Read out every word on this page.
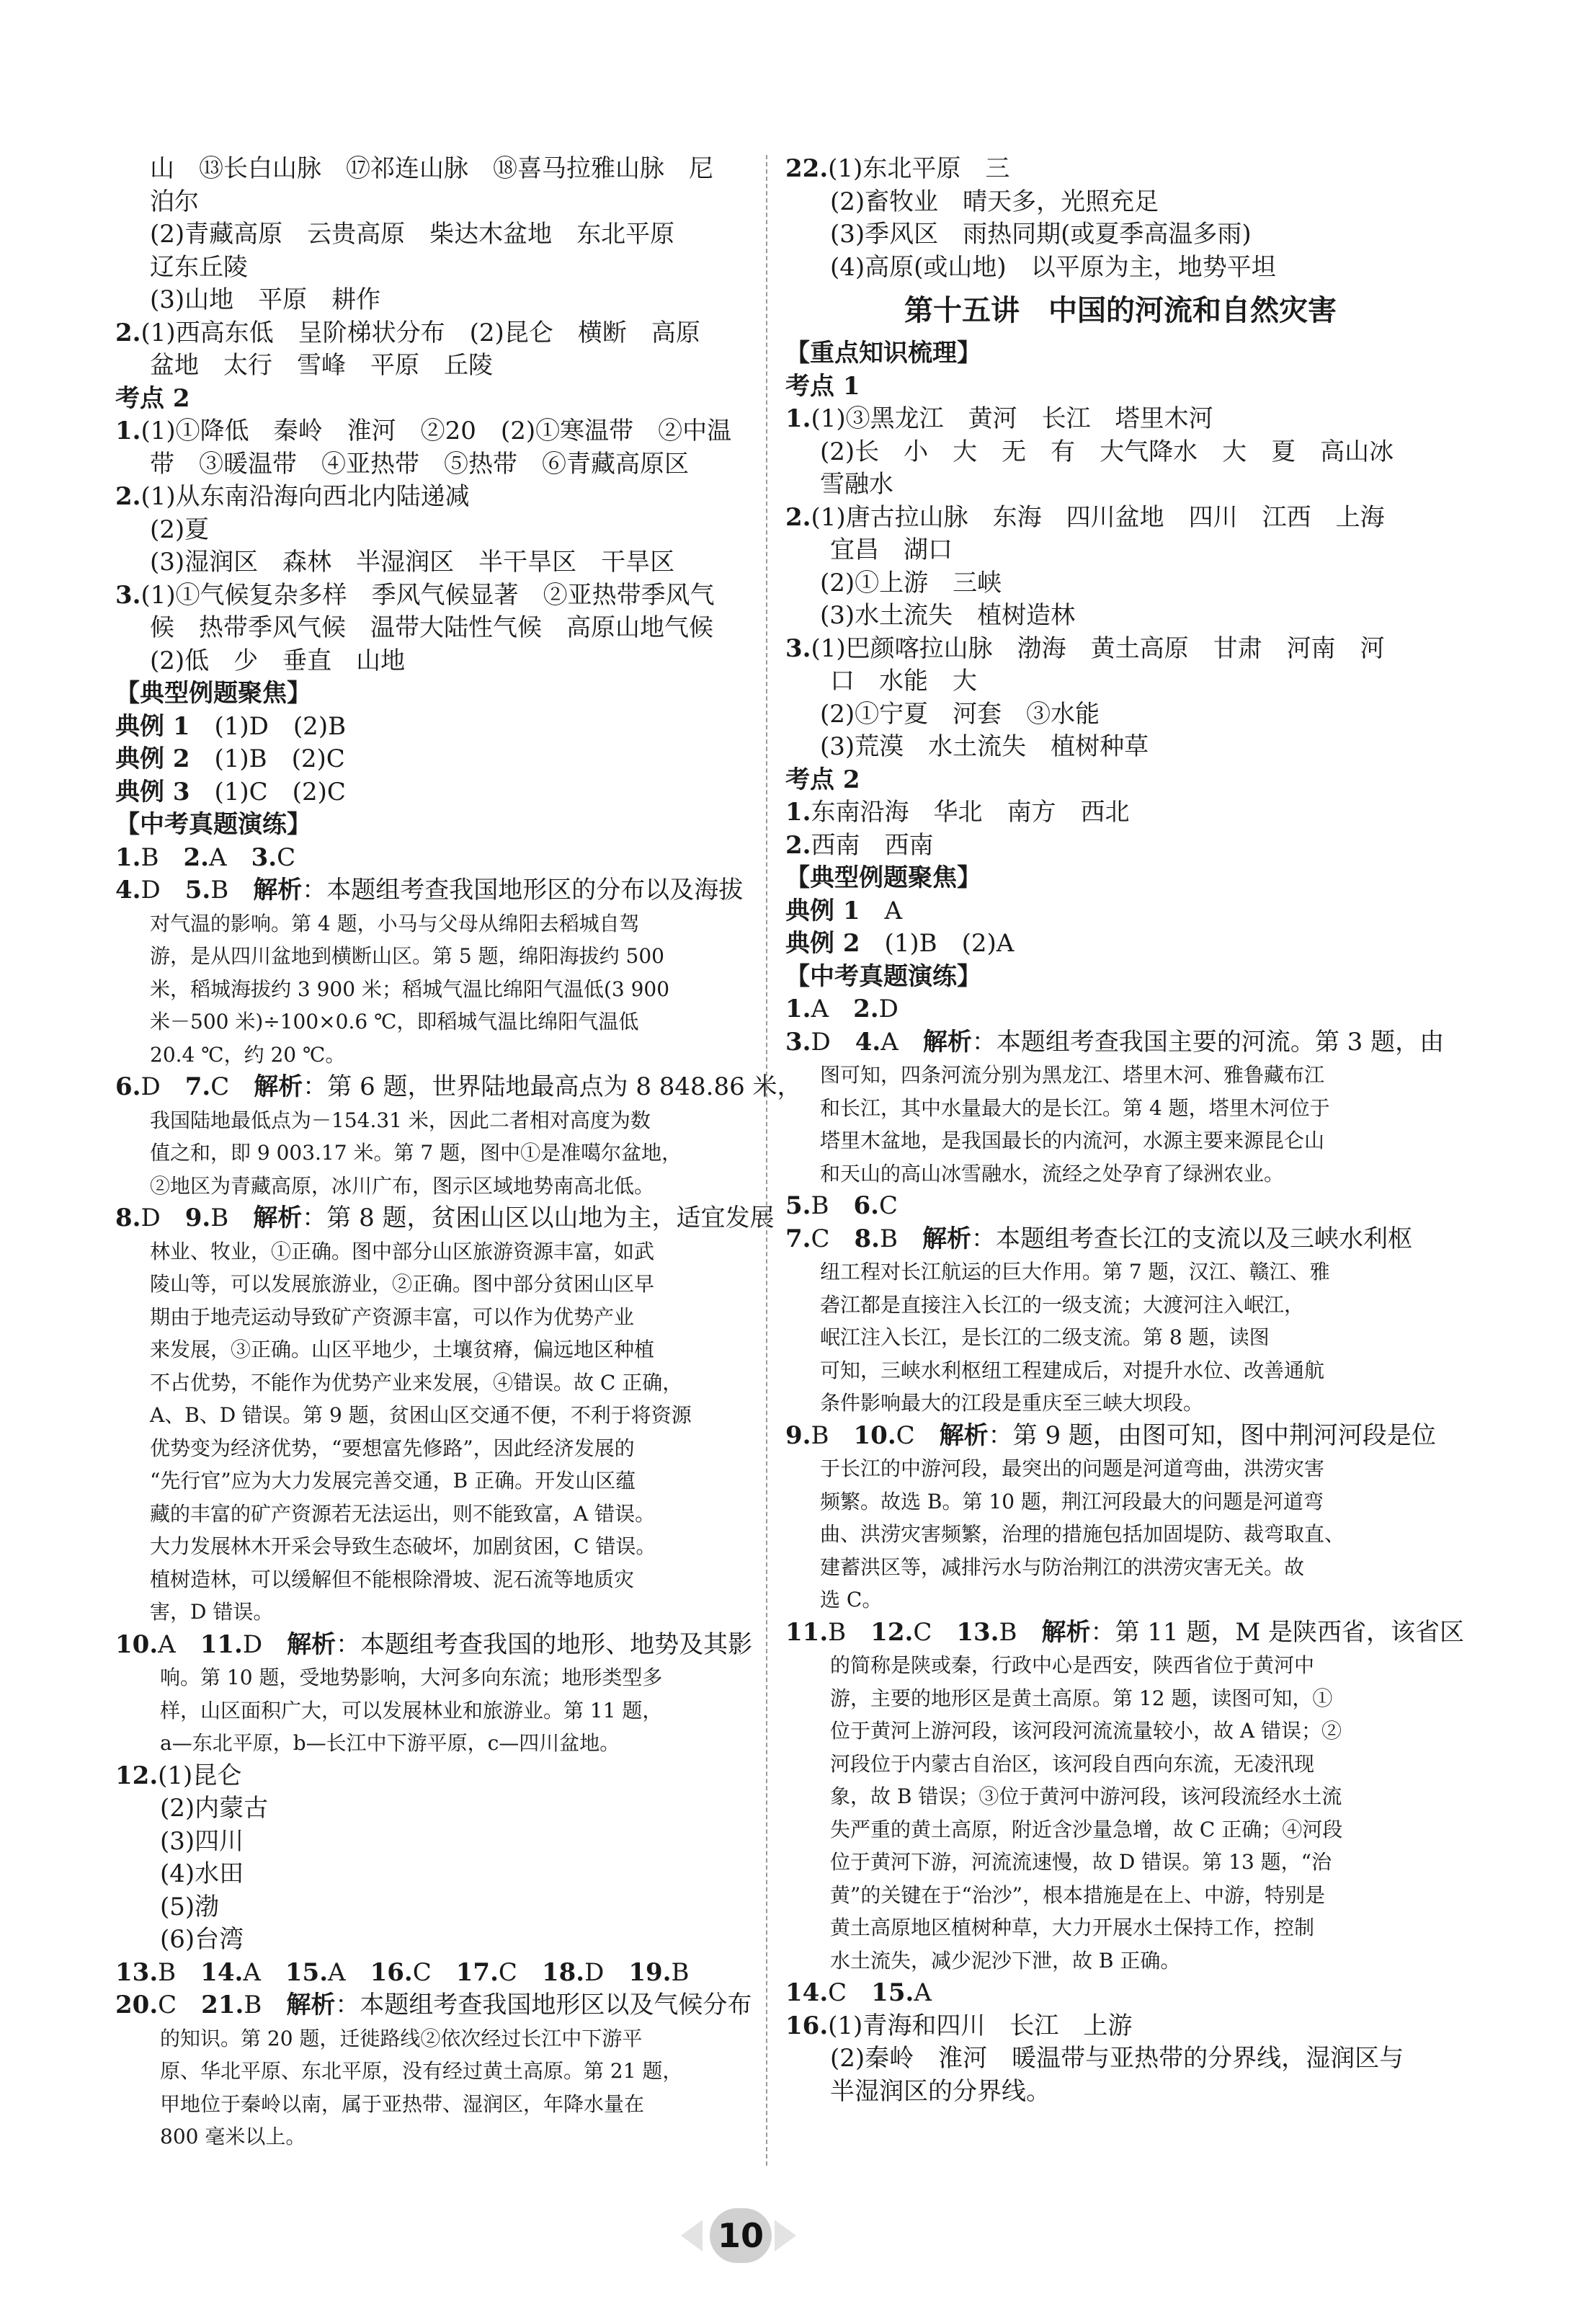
山　⑬长白山脉　⑰祁连山脉　⑱喜马拉雅山脉　尼
泊尔
(2)青藏高原　云贵高原　柴达木盆地　东北平原
辽东丘陵
(3)山地　平原　耕作
2.(1)西高东低　呈阶梯状分布　(2)昆仑　横断　高原
盆地　太行　雪峰　平原　丘陵
考点 2
1.(1)①降低　秦岭　淮河　②20　(2)①寒温带　②中温
带　③暖温带　④亚热带　⑤热带　⑥青藏高原区
2.(1)从东南沿海向西北内陆递减
(2)夏
(3)湿润区　森林　半湿润区　半干旱区　干旱区
3.(1)①气候复杂多样　季风气候显著　②亚热带季风气
候　热带季风气候　温带大陆性气候　高原山地气候
(2)低　少　垂直　山地
【典型例题聚焦】
典例 1　(1)D　(2)B
典例 2　(1)B　(2)C
典例 3　(1)C　(2)C
【中考真题演练】
1.B　2.A　3.C
4.D　5.B　解析：本题组考查我国地形区的分布以及海拔
对气温的影响。第 4 题，小马与父母从绵阳去稻城自驾
游，是从四川盆地到横断山区。第 5 题，绵阳海拔约 500
米，稻城海拔约 3 900 米；稻城气温比绵阳气温低(3 900
米－500 米)÷100×0.6 ℃，即稻城气温比绵阳气温低
20.4 ℃，约 20 ℃。
6.D　7.C　解析：第 6 题，世界陆地最高点为 8 848.86 米，
我国陆地最低点为－154.31 米，因此二者相对高度为数
值之和，即 9 003.17 米。第 7 题，图中①是准噶尔盆地，
②地区为青藏高原，冰川广布，图示区域地势南高北低。
8.D　9.B　解析：第 8 题，贫困山区以山地为主，适宜发展
林业、牧业，①正确。图中部分山区旅游资源丰富，如武
陵山等，可以发展旅游业，②正确。图中部分贫困山区早
期由于地壳运动导致矿产资源丰富，可以作为优势产业
来发展，③正确。山区平地少，土壤贫瘠，偏远地区种植
不占优势，不能作为优势产业来发展，④错误。故 C 正确，
A、B、D 错误。第 9 题，贫困山区交通不便，不利于将资源
优势变为经济优势，“要想富先修路”，因此经济发展的
“先行官”应为大力发展完善交通，B 正确。开发山区蕴
藏的丰富的矿产资源若无法运出，则不能致富，A 错误。
大力发展林木开采会导致生态破坏，加剧贫困，C 错误。
植树造林，可以缓解但不能根除滑坡、泥石流等地质灾
害，D 错误。
10.A　11.D　解析：本题组考查我国的地形、地势及其影
响。第 10 题，受地势影响，大河多向东流；地形类型多
样，山区面积广大，可以发展林业和旅游业。第 11 题，
a—东北平原，b—长江中下游平原，c—四川盆地。
12.(1)昆仑
(2)内蒙古
(3)四川
(4)水田
(5)渤
(6)台湾
13.B　14.A　15.A　16.C　17.C　18.D　19.B
20.C　21.B　解析：本题组考查我国地形区以及气候分布
的知识。第 20 题，迁徙路线②依次经过长江中下游平
原、华北平原、东北平原，没有经过黄土高原。第 21 题，
甲地位于秦岭以南，属于亚热带、湿润区，年降水量在
800 毫米以上。
22.(1)东北平原　三
(2)畜牧业　晴天多，光照充足
(3)季风区　雨热同期(或夏季高温多雨)
(4)高原(或山地)　以平原为主，地势平坦
第十五讲　中国的河流和自然灾害
【重点知识梳理】
考点 1
1.(1)③黑龙江　黄河　长江　塔里木河
(2)长　小　大　无　有　大气降水　大　夏　高山冰
雪融水
2.(1)唐古拉山脉　东海　四川盆地　四川　江西　上海
宜昌　湖口
(2)①上游　三峡
(3)水土流失　植树造林
3.(1)巴颜喀拉山脉　渤海　黄土高原　甘肃　河南　河
口　水能　大
(2)①宁夏　河套　③水能
(3)荒漠　水土流失　植树种草
考点 2
1.东南沿海　华北　南方　西北
2.西南　西南
【典型例题聚焦】
典例 1　A
典例 2　(1)B　(2)A
【中考真题演练】
1.A　2.D
3.D　4.A　解析：本题组考查我国主要的河流。第 3 题，由
图可知，四条河流分别为黑龙江、塔里木河、雅鲁藏布江
和长江，其中水量最大的是长江。第 4 题，塔里木河位于
塔里木盆地，是我国最长的内流河，水源主要来源昆仑山
和天山的高山冰雪融水，流经之处孕育了绿洲农业。
5.B　6.C
7.C　8.B　解析：本题组考查长江的支流以及三峡水利枢
纽工程对长江航运的巨大作用。第 7 题，汉江、赣江、雅
砻江都是直接注入长江的一级支流；大渡河注入岷江，
岷江注入长江，是长江的二级支流。第 8 题，读图
可知，三峡水利枢纽工程建成后，对提升水位、改善通航
条件影响最大的江段是重庆至三峡大坝段。
9.B　10.C　解析：第 9 题，由图可知，图中荆河河段是位
于长江的中游河段，最突出的问题是河道弯曲，洪涝灾害
频繁。故选 B。第 10 题，荆江河段最大的问题是河道弯
曲、洪涝灾害频繁，治理的措施包括加固堤防、裁弯取直、
建蓄洪区等，减排污水与防治荆江的洪涝灾害无关。故
选 C。
11.B　12.C　13.B　解析：第 11 题，M 是陕西省，该省区
的简称是陕或秦，行政中心是西安，陕西省位于黄河中
游，主要的地形区是黄土高原。第 12 题，读图可知，①
位于黄河上游河段，该河段河流流量较小，故 A 错误；②
河段位于内蒙古自治区，该河段自西向东流，无凌汛现
象，故 B 错误；③位于黄河中游河段，该河段流经水土流
失严重的黄土高原，附近含沙量急增，故 C 正确；④河段
位于黄河下游，河流流速慢，故 D 错误。第 13 题，“治
黄”的关键在于“治沙”，根本措施是在上、中游，特别是
黄土高原地区植树种草，大力开展水土保持工作，控制
水土流失，减少泥沙下泄，故 B 正确。
14.C　15.A
16.(1)青海和四川　长江　上游
(2)秦岭　淮河　暖温带与亚热带的分界线，湿润区与
半湿润区的分界线。
10
